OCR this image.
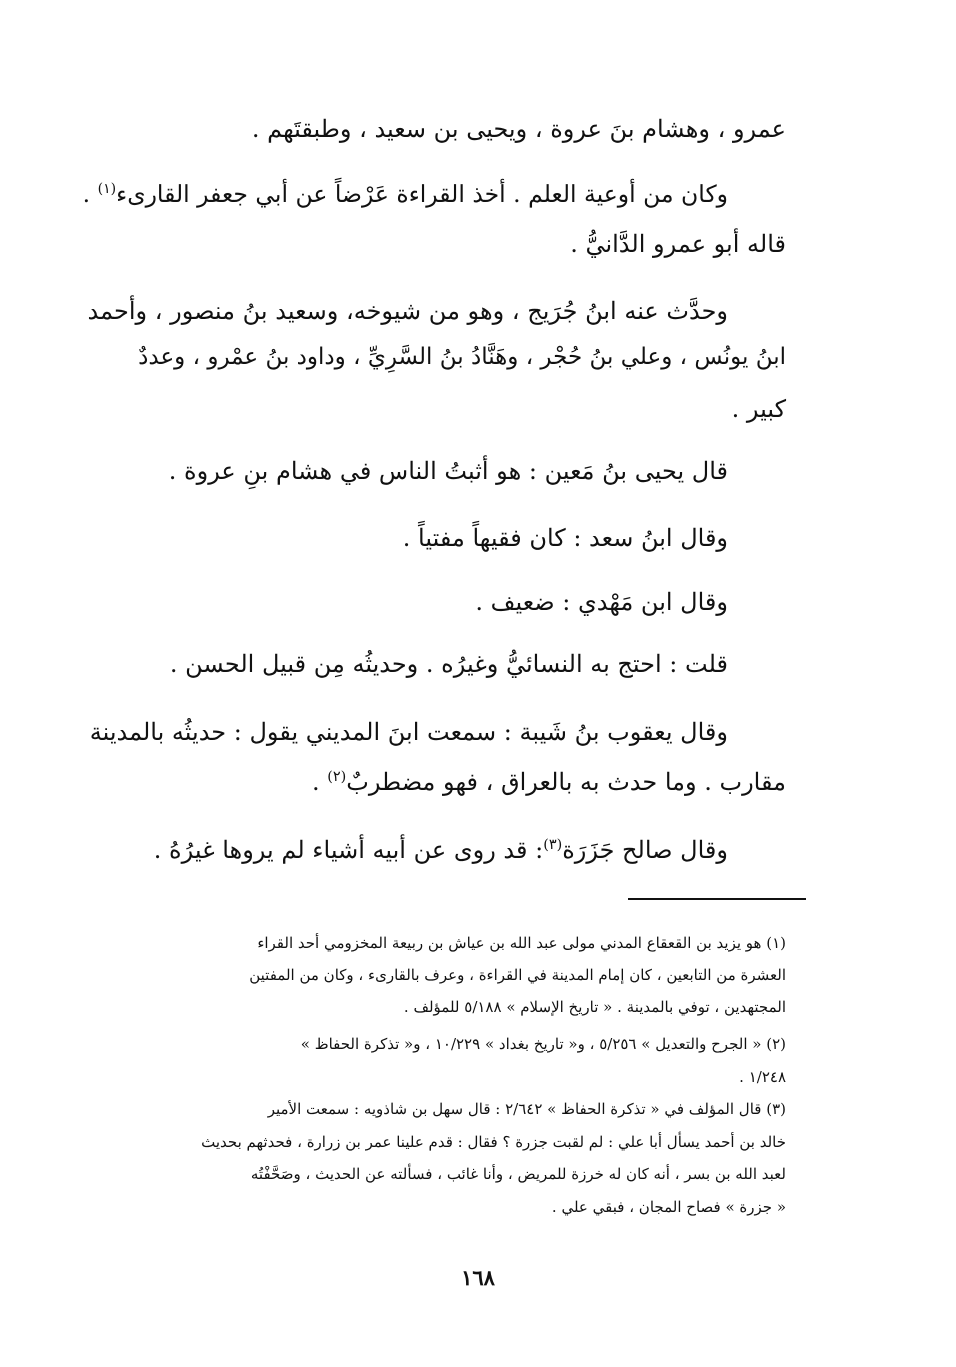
عمرو ، وهشام بنَ عروة ، ويحيى بن سعيد ، وطبقتَهم .
وكان من أوعية العلم . أخذ القراءة عَرْضاً عن أبي جعفر القارىء$^{(١)}$ .
قاله أبو عمرو الدَّانيُّ .
وحدَّث عنه ابنُ جُرَيج ، وهو من شيوخه، وسعيد بنُ منصور ، وأحمد
ابنُ يونُس ، وعلي بنُ حُجْر ، وهَنَّادُ بنُ السَّرِيِّ ، وداود بنُ عمْرو ، وعددٌ
كبير .
قال يحيى بنُ مَعين : هو أثبتُ الناس في هشام بنِ عروة .
وقال ابنُ سعد : كان فقيهاً مفتياً .
وقال ابن مَهْدي : ضعيف .
قلت : احتج به النسائيُّ وغيرُه . وحديثُه مِن قبيل الحسن .
وقال يعقوب بنُ شَيبة : سمعت ابنَ المديني يقول : حديثُه بالمدينة
مقارب . وما حدث به بالعراق ، فهو مضطربٌ$^{(٢)}$ .
وقال صالح جَزَرَة$^{(٣)}$: قد روى عن أبيه أشياء لم يروها غيرُهُ .
(١) هو يزيد بن القعقاع المدني مولى عبد الله بن عياش بن ربيعة المخزومي أحد القراء
العشرة من التابعين ، كان إمام المدينة في القراءة ، وعرف بالقارىء ، وكان من المفتين
المجتهدين ، توفي بالمدينة . « تاريخ الإسلام » ٥/١٨٨ للمؤلف .
(٢) « الجرح والتعديل » ٥/٢٥٦ ، و« تاريخ بغداد » ١٠/٢٢٩ ، و« تذكرة الحفاظ »
١/٢٤٨ .
(٣) قال المؤلف في « تذكرة الحفاظ » ٢/٦٤٢ : قال سهل بن شاذويه : سمعت الأمير
خالد بن أحمد يسأل أبا علي : لم لقبت جزرة ؟ فقال : قدم علينا عمر بن زرارة ، فحدثهم بحديث
لعبد الله بن بسر ، أنه كان له خرزة للمريض ، وأنا غائب ، فسألته عن الحديث ، وصَحَّفْتُه
« جزرة » فصاح المجان ، فبقي علي .
١٦٨
